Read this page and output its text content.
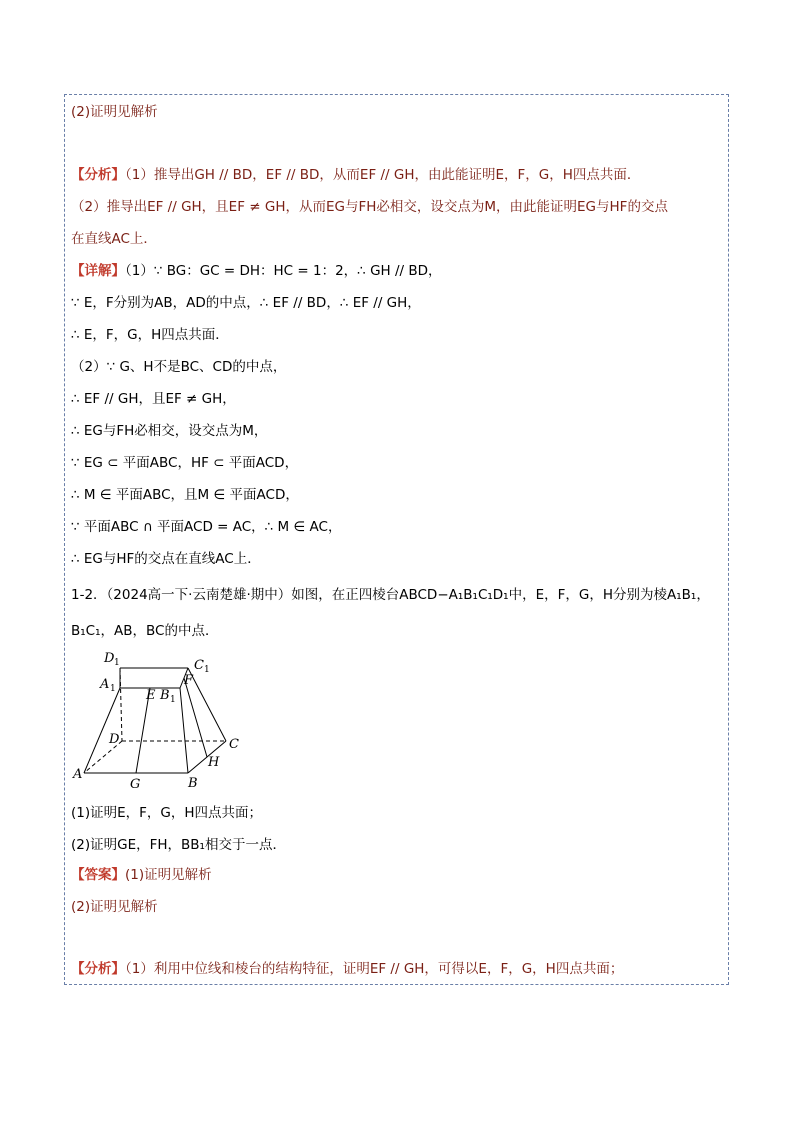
(2)证明见解析
【分析】（1）推导出GH // BD，EF // BD，从而EF // GH，由此能证明E，F，G，H四点共面．
（2）推导出EF // GH，且EF ≠ GH，从而EG与FH必相交，设交点为M，由此能证明EG与HF的交点
在直线AC上．
【详解】（1）∵ BG：GC = DH：HC = 1：2，∴ GH // BD，
∵ E，F分别为AB，AD的中点，∴ EF // BD，∴ EF // GH，
∴ E，F，G，H四点共面．
（2）∵ G、H不是BC、CD的中点，
∴ EF // GH，且EF ≠ GH，
∴ EG与FH必相交，设交点为M，
∵ EG ⊂ 平面ABC，HF ⊂ 平面ACD，
∴ M ∈ 平面ABC，且M ∈ 平面ACD，
∵ 平面ABC ∩ 平面ACD = AC，∴ M ∈ AC，
∴ EG与HF的交点在直线AC上．
1-2．（2024高一下·云南楚雄·期中）如图，在正四棱台ABCD−A₁B₁C₁D₁中，E，F，G，H分别为棱A₁B₁，
B₁C₁，AB，BC的中点．
D 1	C 1
A 1 E B 1
F
D	C
H
A
G	B
(1)证明E，F，G，H四点共面；
(2)证明GE，FH，BB₁相交于一点．
【答案】(1)证明见解析
(2)证明见解析
【分析】（1）利用中位线和棱台的结构特征，证明EF // GH，可得以E，F，G，H四点共面；
